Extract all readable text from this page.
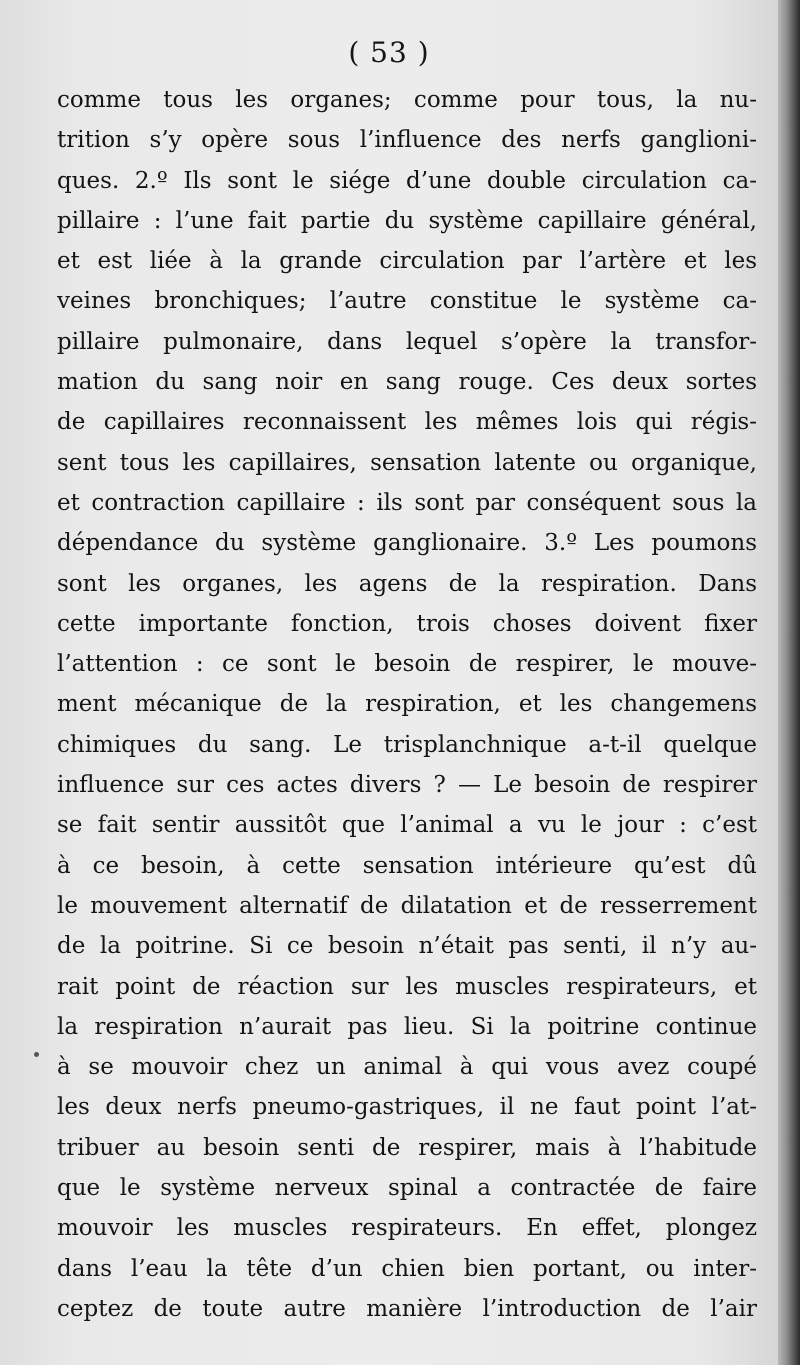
( 53 )
comme tous les organes; comme pour tous, la nu-
trition s’y opère sous l’influence des nerfs ganglioni-
ques. 2.º Ils sont le siége d’une double circulation ca-
pillaire : l’une fait partie du système capillaire général,
et est liée à la grande circulation par l’artère et les
veines bronchiques; l’autre constitue le système ca-
pillaire pulmonaire, dans lequel s’opère la transfor-
mation du sang noir en sang rouge. Ces deux sortes
de capillaires reconnaissent les mêmes lois qui régis-
sent tous les capillaires, sensation latente ou organique,
et contraction capillaire : ils sont par conséquent sous la
dépendance du système ganglionaire. 3.º Les poumons
sont les organes, les agens de la respiration. Dans
cette importante fonction, trois choses doivent fixer
l’attention : ce sont le besoin de respirer, le mouve-
ment mécanique de la respiration, et les changemens
chimiques du sang. Le trisplanchnique a-t-il quelque
influence sur ces actes divers ? — Le besoin de respirer
se fait sentir aussitôt que l’animal a vu le jour : c’est
à ce besoin, à cette sensation intérieure qu’est dû
le mouvement alternatif de dilatation et de resserrement
de la poitrine. Si ce besoin n’était pas senti, il n’y au-
rait point de réaction sur les muscles respirateurs, et
la respiration n’aurait pas lieu. Si la poitrine continue
à se mouvoir chez un animal à qui vous avez coupé
les deux nerfs pneumo-gastriques, il ne faut point l’at-
tribuer au besoin senti de respirer, mais à l’habitude
que le système nerveux spinal a contractée de faire
mouvoir les muscles respirateurs. En effet, plongez
dans l’eau la tête d’un chien bien portant, ou inter-
ceptez de toute autre manière l’introduction de l’air
